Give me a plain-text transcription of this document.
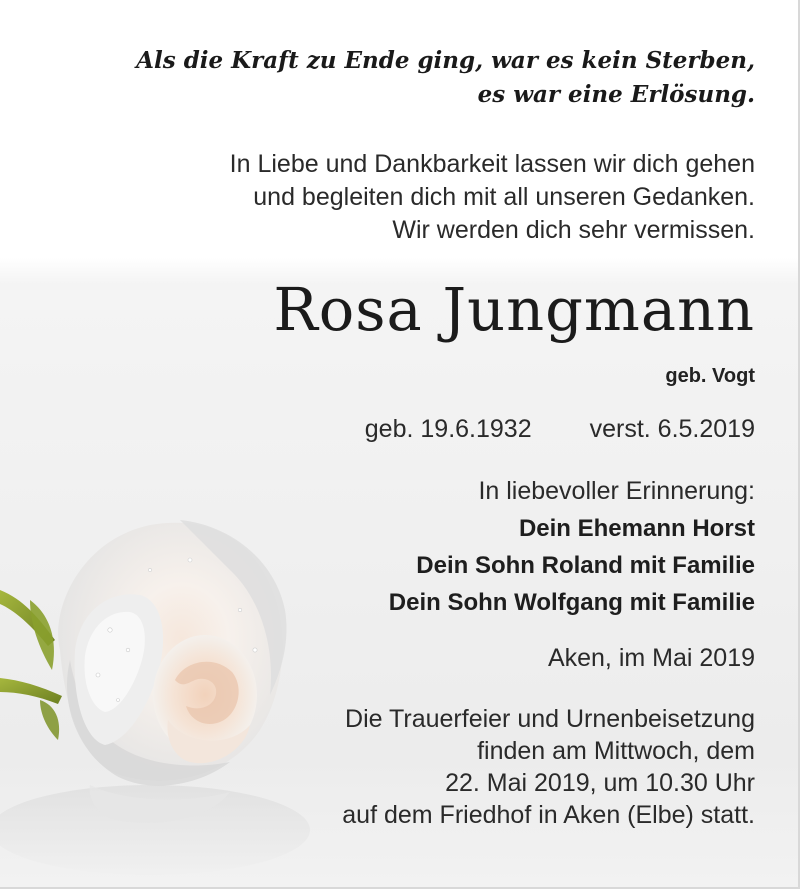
Als die Kraft zu Ende ging, war es kein Sterben,
es war eine Erlösung.
In Liebe und Dankbarkeit lassen wir dich gehen
und begleiten dich mit all unseren Gedanken.
Wir werden dich sehr vermissen.
Rosa Jungmann
geb. Vogt
geb. 19.6.1932 verst. 6.5.2019
In liebevoller Erinnerung:
Dein Ehemann Horst
Dein Sohn Roland mit Familie
Dein Sohn Wolfgang mit Familie
Aken, im Mai 2019
Die Trauerfeier und Urnenbeisetzung
finden am Mittwoch, dem
22. Mai 2019, um 10.30 Uhr
auf dem Friedhof in Aken (Elbe) statt.
